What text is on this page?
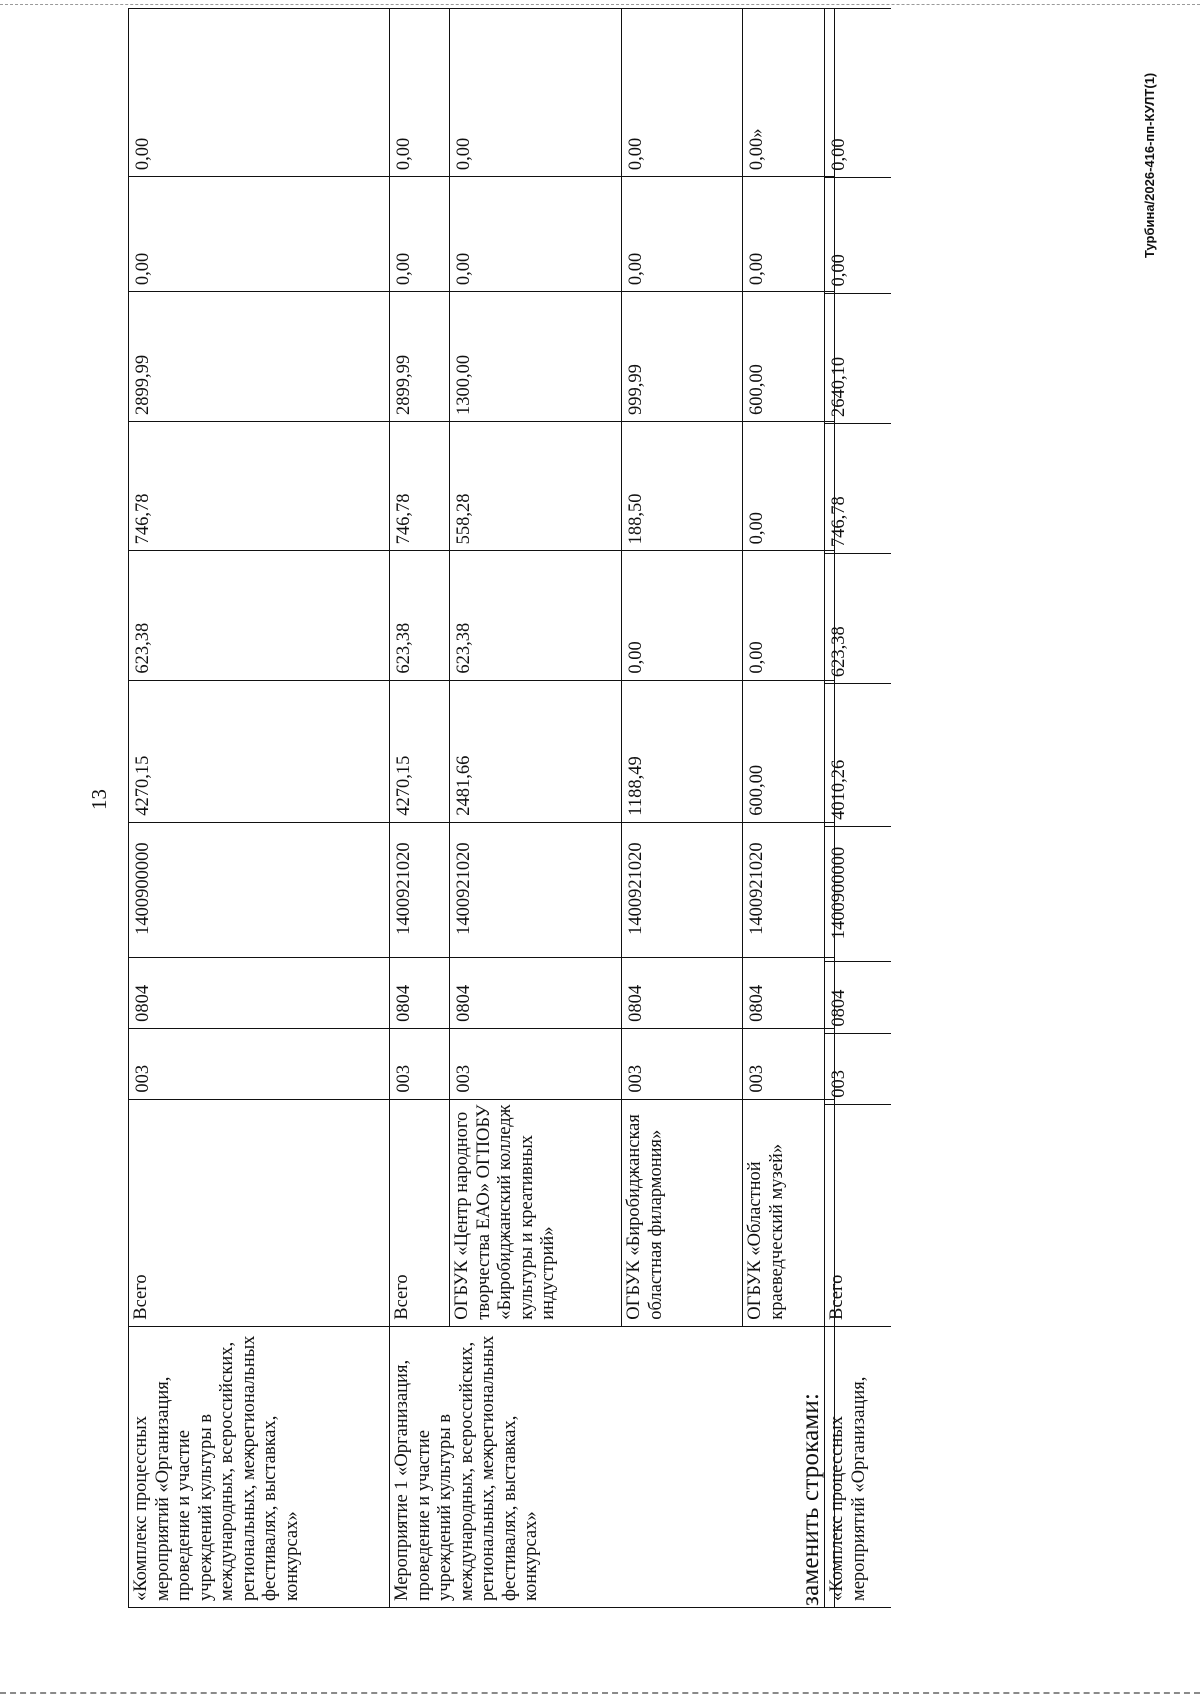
13
Турбина/2026-416-пп-КУЛТ(1)
«Комплекс процессных мероприятий «Организация, проведение и участие учреждений культуры в международных, всероссийских, региональных, межрегиональных фестивалях, выставках, конкурсах»	Всего	003	0804	1400900000	4270,15	623,38	746,78	2899,99	0,00	0,00
Мероприятие 1 «Организация, проведение и участие учреждений культуры в международных, всероссийских, региональных, межрегиональных фестивалях, выставках, конкурсах»	Всего	003	0804	1400921020	4270,15	623,38	746,78	2899,99	0,00	0,00
	ОГБУК «Центр народного творчества ЕАО» ОГПОБУ «Биробиджанский колледж культуры и креативных индустрий»	003	0804	1400921020	2481,66	623,38	558,28	1300,00	0,00	0,00
	ОГБУК «Биробиджанская областная филармония»	003	0804	1400921020	1188,49	0,00	188,50	999,99	0,00	0,00
	ОГБУК «Областной краеведческий музей»	003	0804	1400921020	600,00	0,00	0,00	600,00	0,00	0,00»
заменить строками: «Комплекс процессных мероприятий «Организация,	Всего	003	0804	1400900000	4010,26	623,38	746,78	2640,10	0,00	0,00
